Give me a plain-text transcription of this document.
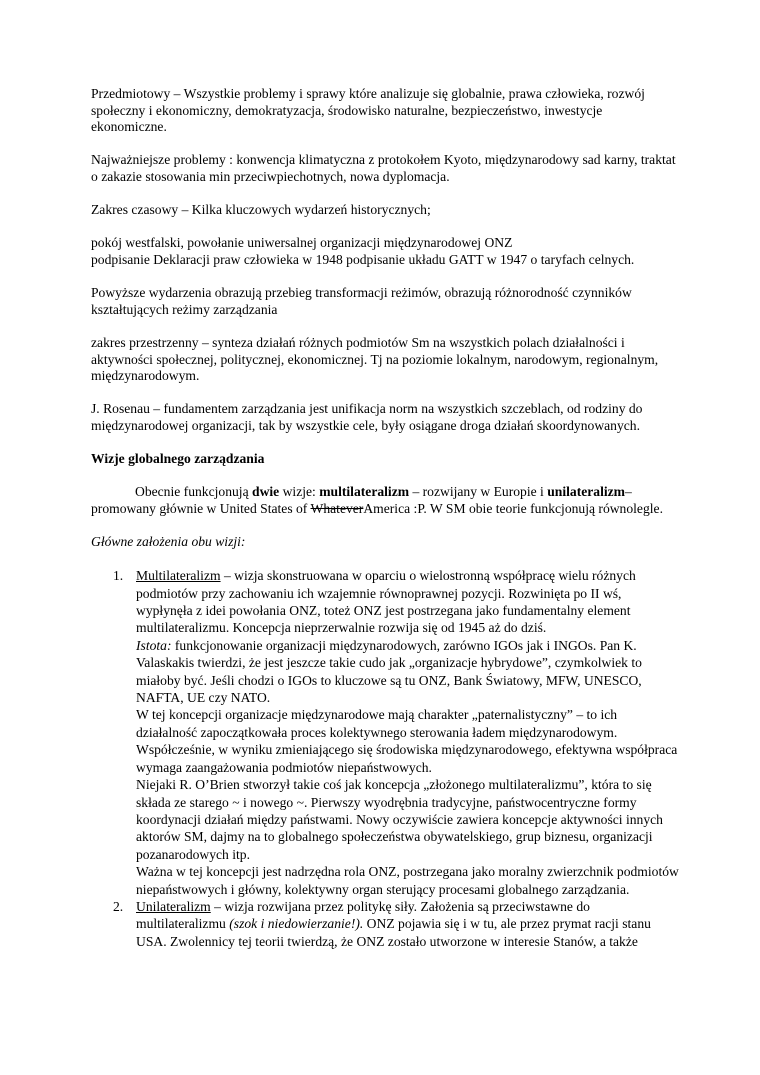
Przedmiotowy – Wszystkie problemy i sprawy które analizuje się globalnie, prawa człowieka, rozwój społeczny i ekonomiczny, demokratyzacja, środowisko naturalne, bezpieczeństwo, inwestycje ekonomiczne.

Najważniejsze problemy : konwencja klimatyczna z protokołem Kyoto, międzynarodowy sad karny, traktat o zakazie stosowania min przeciwpiechotnych, nowa dyplomacja.

Zakres czasowy – Kilka kluczowych wydarzeń historycznych;

pokój westfalski, powołanie uniwersalnej organizacji międzynarodowej ONZ

podpisanie Deklaracji praw człowieka w 1948 podpisanie układu GATT w 1947 o taryfach celnych.

Powyższe wydarzenia obrazują przebieg transformacji reżimów, obrazują różnorodność czynników kształtujących reżimy zarządzania

zakres przestrzenny – synteza działań różnych podmiotów Sm na wszystkich polach działalności i aktywności społecznej, politycznej, ekonomicznej. Tj na poziomie lokalnym, narodowym, regionalnym, międzynarodowym.

J. Rosenau – fundamentem zarządzania jest unifikacja norm na wszystkich szczeblach, od rodziny do międzynarodowej organizacji, tak by wszystkie cele, były osiągane droga działań skoordynowanych.

Wizje globalnego zarządzania

Obecnie funkcjonują dwie wizje: multilateralizm – rozwijany w Europie i unilateralizm– promowany głównie w United States of WhateverAmerica :P. W SM obie teorie funkcjonują równolegle.

Główne założenia obu wizji:

1. Multilateralizm – wizja skonstruowana w oparciu o wielostronną współpracę wielu różnych podmiotów przy zachowaniu ich wzajemnie równoprawnej pozycji. Rozwinięta po II wś, wypłynęła z idei powołania ONZ, toteż ONZ jest postrzegana jako fundamentalny element multilateralizmu. Koncepcja nieprzerwalnie rozwija się od 1945 aż do dziś.

Istota: funkcjonowanie organizacji międzynarodowych, zarówno IGOs jak i INGOs. Pan K. Valaskakis twierdzi, że jest jeszcze takie cudo jak „organizacje hybrydowe”, czymkolwiek to miałoby być. Jeśli chodzi o IGOs to kluczowe są tu ONZ, Bank Światowy, MFW, UNESCO, NAFTA, UE czy NATO.

W tej koncepcji organizacje międzynarodowe mają charakter „paternalistyczny” – to ich działalność zapoczątkowała proces kolektywnego sterowania ładem międzynarodowym. Współcześnie, w wyniku zmieniającego się środowiska międzynarodowego, efektywna współpraca wymaga zaangażowania podmiotów niepaństwowych.

Niejaki R. O’Brien stworzył takie coś jak koncepcja „złożonego multilateralizmu”, która to się składa ze starego ~ i nowego ~. Pierwszy wyodrębnia tradycyjne, państwocentryczne formy koordynacji działań między państwami. Nowy oczywiście zawiera koncepcje aktywności innych aktorów SM, dajmy na to globalnego społeczeństwa obywatelskiego, grup biznesu, organizacji pozanarodowych itp.

Ważna w tej koncepcji jest nadrzędna rola ONZ, postrzegana jako moralny zwierzchnik podmiotów niepaństwowych i główny, kolektywny organ sterujący procesami globalnego zarządzania.

2. Unilateralizm – wizja rozwijana przez politykę siły. Założenia są przeciwstawne do multilateralizmu (szok i niedowierzanie!). ONZ pojawia się i w tu, ale przez prymat racji stanu USA. Zwolennicy tej teorii twierdzą, że ONZ zostało utworzone w interesie Stanów, a także
